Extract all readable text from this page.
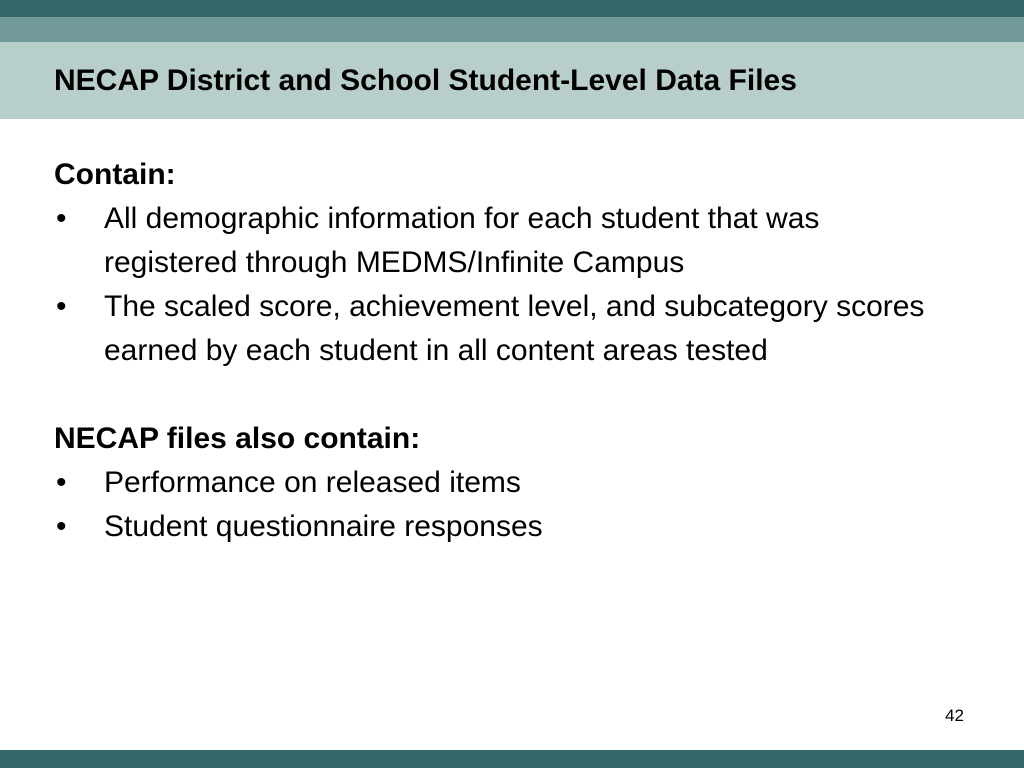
NECAP District and School Student-Level Data Files
Contain:
• All demographic information for each student that was registered through MEDMS/Infinite Campus
• The scaled score, achievement level, and subcategory scores earned by each student in all content areas tested
NECAP files also contain:
• Performance on released items
• Student questionnaire responses
42
